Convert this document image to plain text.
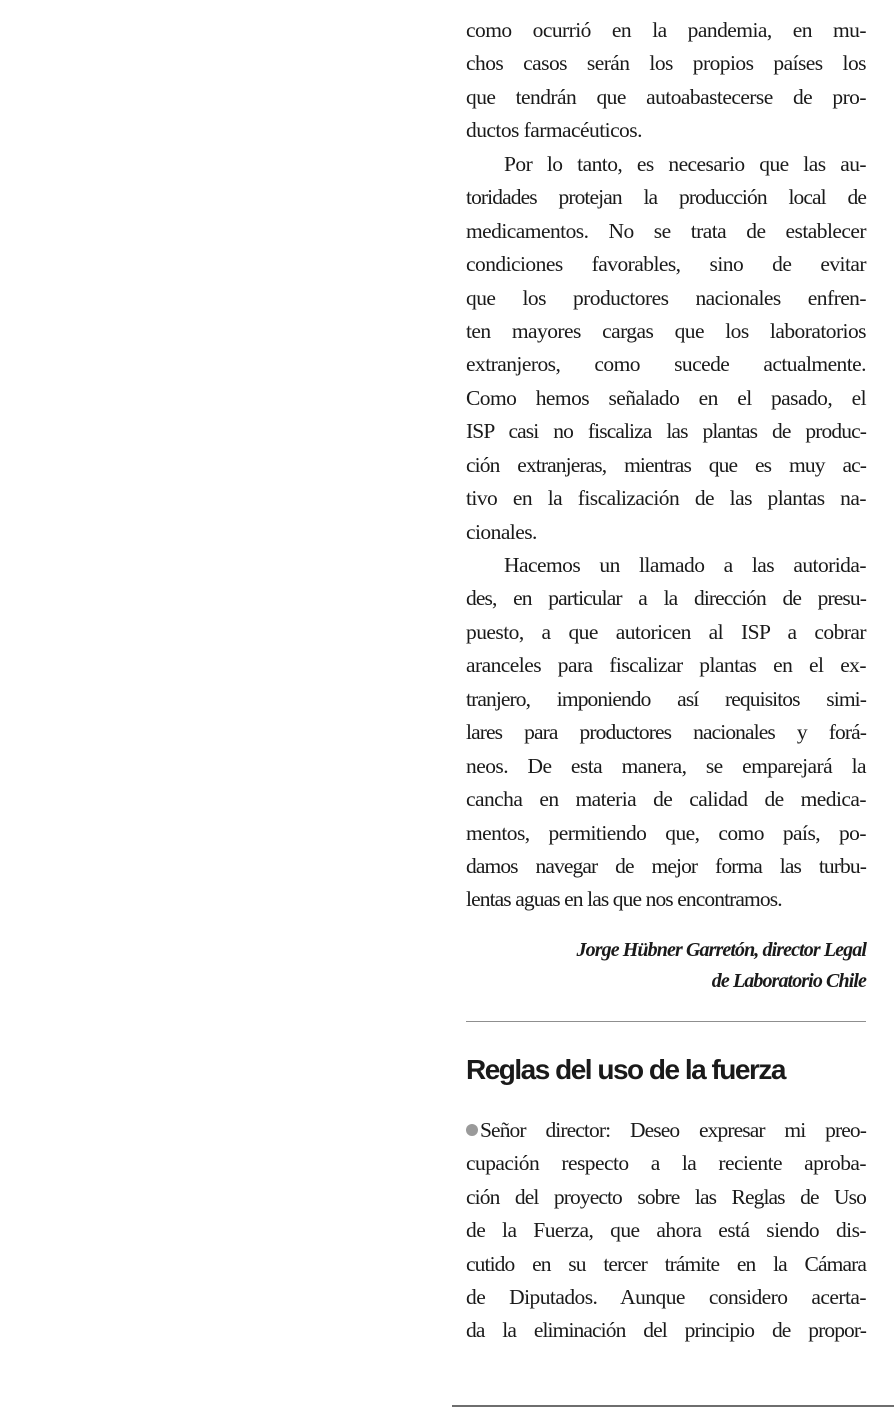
como ocurrió en la pandemia, en mu-
chos casos serán los propios países los
que tendrán que autoabastecerse de pro-
ductos farmacéuticos.
Por lo tanto, es necesario que las au-
toridades protejan la producción local de
medicamentos. No se trata de establecer
condiciones favorables, sino de evitar
que los productores nacionales enfren-
ten mayores cargas que los laboratorios
extranjeros, como sucede actualmente.
Como hemos señalado en el pasado, el
ISP casi no fiscaliza las plantas de produc-
ción extranjeras, mientras que es muy ac-
tivo en la fiscalización de las plantas na-
cionales.
Hacemos un llamado a las autorida-
des, en particular a la dirección de presu-
puesto, a que autoricen al ISP a cobrar
aranceles para fiscalizar plantas en el ex-
tranjero, imponiendo así requisitos simi-
lares para productores nacionales y forá-
neos. De esta manera, se emparejará la
cancha en materia de calidad de medica-
mentos, permitiendo que, como país, po-
damos navegar de mejor forma las turbu-
lentas aguas en las que nos encontramos.
Jorge Hübner Garretón, director Legal
de Laboratorio Chile
Reglas del uso de la fuerza
Señor director: Deseo expresar mi preo-
cupación respecto a la reciente aproba-
ción del proyecto sobre las Reglas de Uso
de la Fuerza, que ahora está siendo dis-
cutido en su tercer trámite en la Cámara
de Diputados. Aunque considero acerta-
da la eliminación del principio de propor-
